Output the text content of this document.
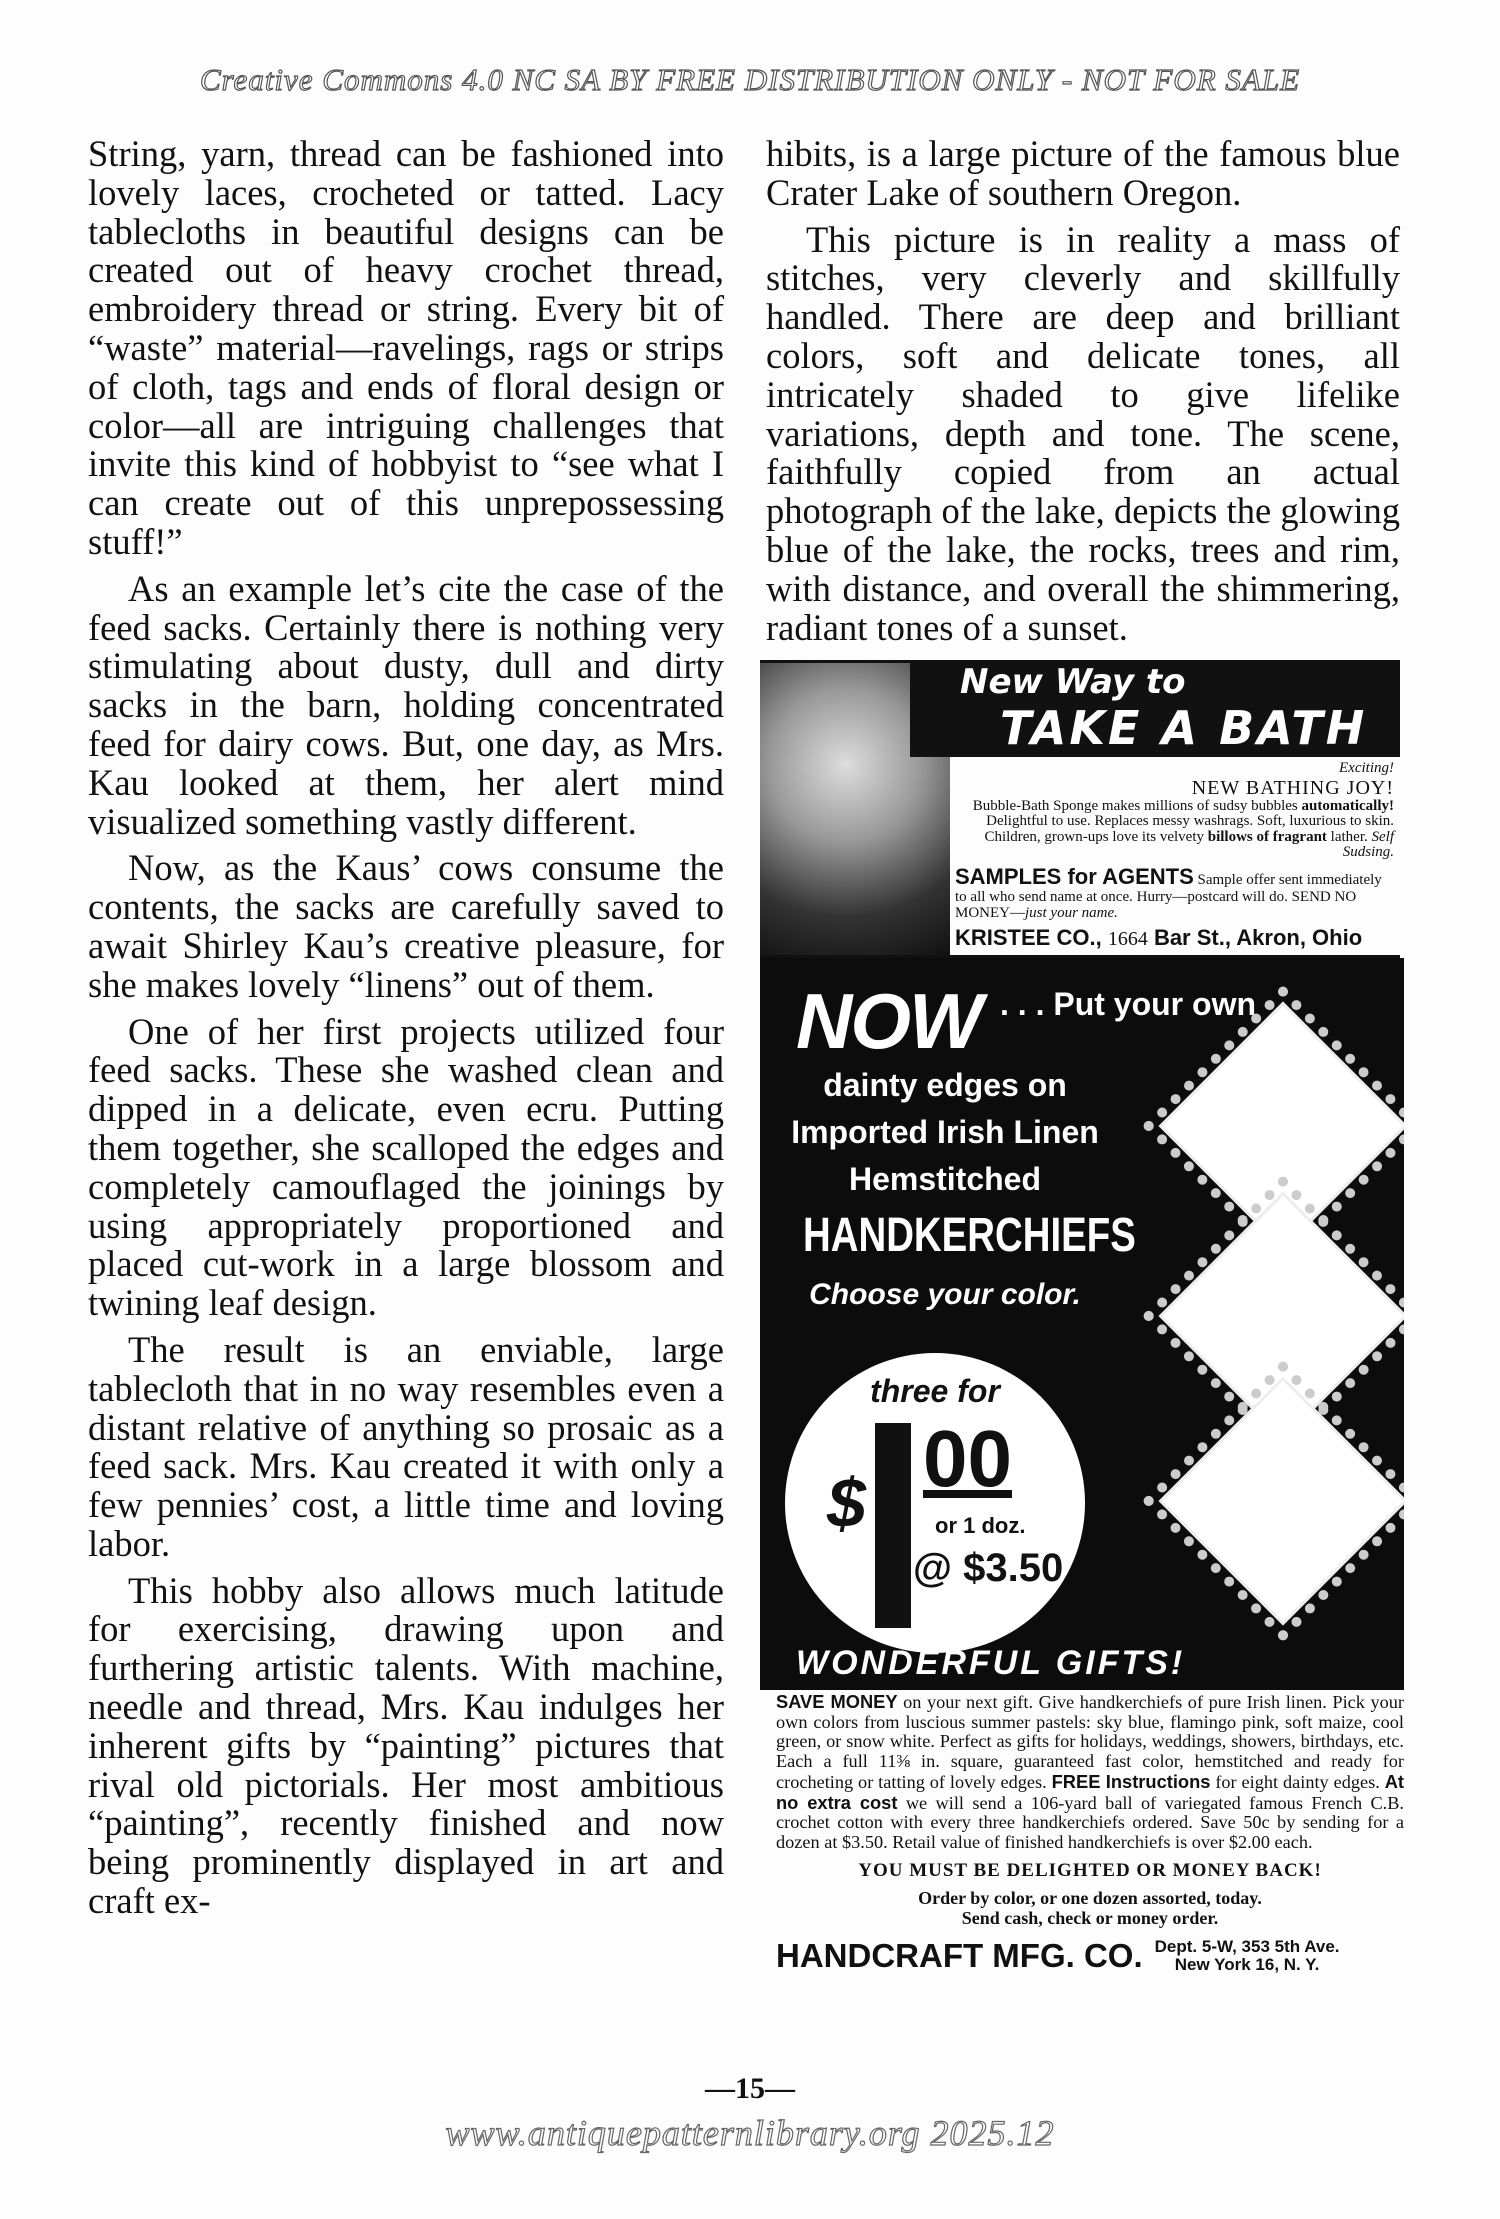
Creative Commons 4.0 NC SA BY FREE DISTRIBUTION ONLY - NOT FOR SALE

String, yarn, thread can be fashioned into lovely laces, crocheted or tatted. Lacy tablecloths in beautiful designs can be created out of heavy crochet thread, embroidery thread or string. Every bit of “waste” material—ravelings, rags or strips of cloth, tags and ends of floral design or color—all are intriguing challenges that invite this kind of hobbyist to “see what I can create out of this unprepossessing stuff!”

As an example let’s cite the case of the feed sacks. Certainly there is nothing very stimulating about dusty, dull and dirty sacks in the barn, holding concentrated feed for dairy cows. But, one day, as Mrs. Kau looked at them, her alert mind visualized something vastly different.

Now, as the Kaus’ cows consume the contents, the sacks are carefully saved to await Shirley Kau’s creative pleasure, for she makes lovely “linens” out of them.

One of her first projects utilized four feed sacks. These she washed clean and dipped in a delicate, even ecru. Putting them together, she scalloped the edges and completely camouflaged the joinings by using appropriately proportioned and placed cut-work in a large blossom and twining leaf design.

The result is an enviable, large tablecloth that in no way resembles even a distant relative of anything so prosaic as a feed sack. Mrs. Kau created it with only a few pennies’ cost, a little time and loving labor.

This hobby also allows much latitude for exercising, drawing upon and furthering artistic talents. With machine, needle and thread, Mrs. Kau indulges her inherent gifts by “painting” pictures that rival old pictorials. Her most ambitious “painting”, recently finished and now being prominently displayed in art and craft ex-

hibits, is a large picture of the famous blue Crater Lake of southern Oregon.

This picture is in reality a mass of stitches, very cleverly and skillfully handled. There are deep and brilliant colors, soft and delicate tones, all intricately shaded to give lifelike variations, depth and tone. The scene, faithfully copied from an actual photograph of the lake, depicts the glowing blue of the lake, the rocks, trees and rim, with distance, and overall the shimmering, radiant tones of a sunset.

New Way to
TAKE A BATH
Exciting!
NEW BATHING JOY!
Bubble-Bath Sponge makes millions of sudsy bubbles automatically! Delightful to use. Replaces messy washrags. Soft, luxurious to skin. Children, grown-ups love its velvety billows of fragrant lather. Self Sudsing.
SAMPLES for AGENTS Sample offer sent immediately to all who send name at once. Hurry—postcard will do. SEND NO MONEY—just your name.
KRISTEE CO., 1664 Bar St., Akron, Ohio
NOW . . . Put your own
dainty edges on
Imported Irish Linen
Hemstitched
HANDKERCHIEFS
Choose your color.
three for
$ 00
or 1 doz.
@ $3.50
WONDERFUL GIFTS!
SAVE MONEY on your next gift. Give handkerchiefs of pure Irish linen. Pick your own colors from luscious summer pastels: sky blue, flamingo pink, soft maize, cool green, or snow white. Perfect as gifts for holidays, weddings, showers, birthdays, etc. Each a full 11⅜ in. square, guaranteed fast color, hemstitched and ready for crocheting or tatting of lovely edges. FREE Instructions for eight dainty edges. At no extra cost we will send a 106-yard ball of variegated famous French C.B. crochet cotton with every three handkerchiefs ordered. Save 50c by sending for a dozen at $3.50. Retail value of finished handkerchiefs is over $2.00 each.
YOU MUST BE DELIGHTED OR MONEY BACK!
Order by color, or one dozen assorted, today.
Send cash, check or money order.
HANDCRAFT MFG. CO. Dept. 5-W, 353 5th Ave.
New York 16, N. Y.
—15—
www.antiquepatternlibrary.org 2025.12
